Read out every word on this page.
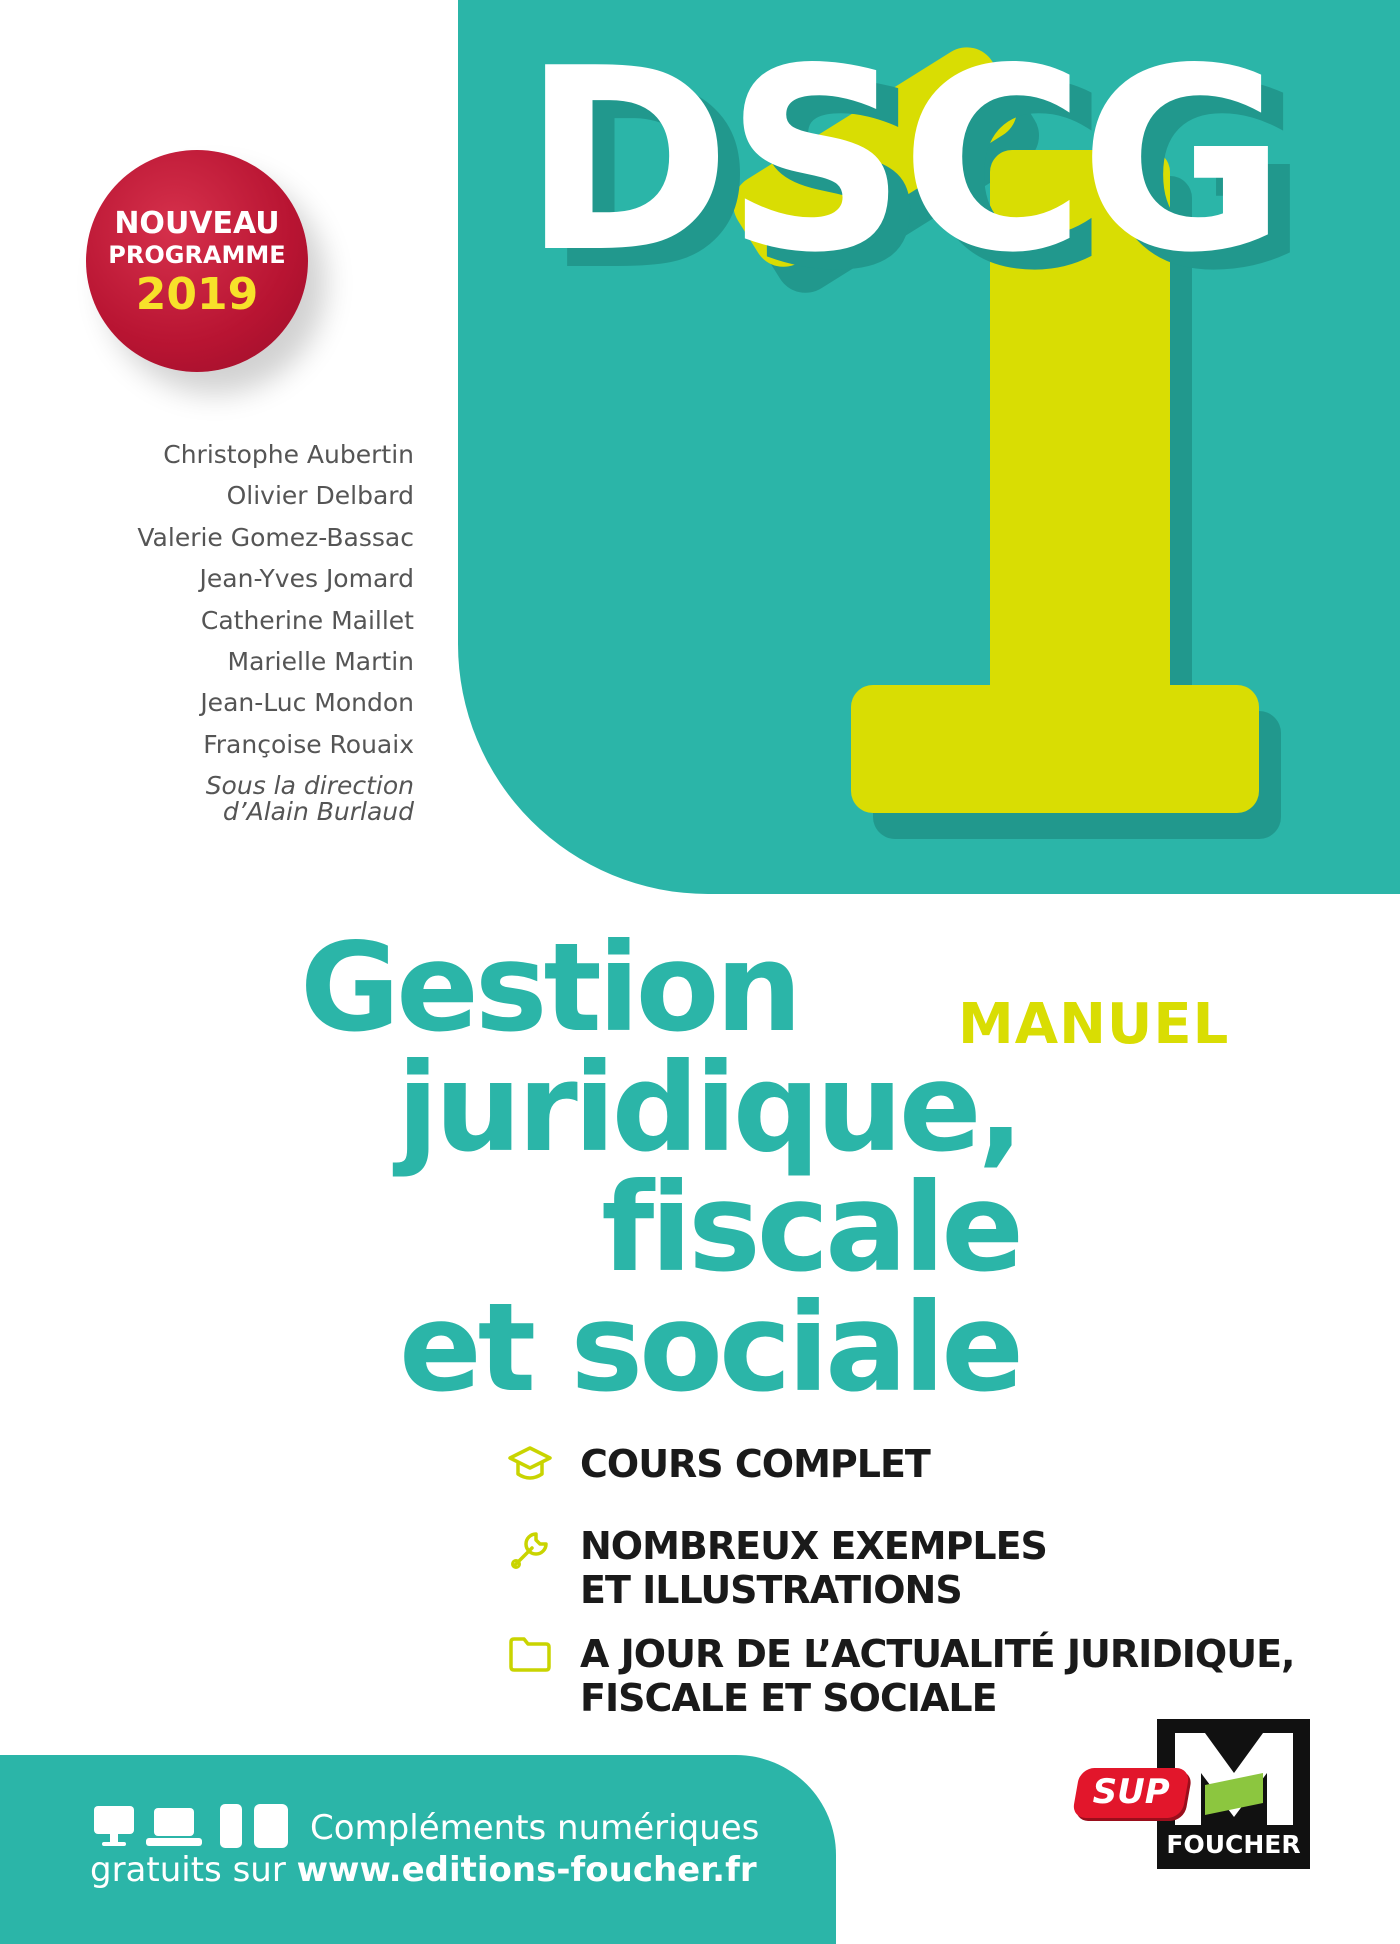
DSCG
NOUVEAU
PROGRAMME
2019
Christophe Aubertin
Olivier Delbard
Valerie Gomez-Bassac
Jean-Yves Jomard
Catherine Maillet
Marielle Martin
Jean-Luc Mondon
Françoise Rouaix
Sous la direction
d’Alain Burlaud
Gestion
juridique,
fiscale
et sociale
MANUEL
COURS COMPLET
NOMBREUX EXEMPLES
ET ILLUSTRATIONS
A JOUR DE L’ACTUALITÉ JURIDIQUE,
FISCALE ET SOCIALE
Compléments numériques
gratuits sur www.editions-foucher.fr
FOUCHER
SUP
